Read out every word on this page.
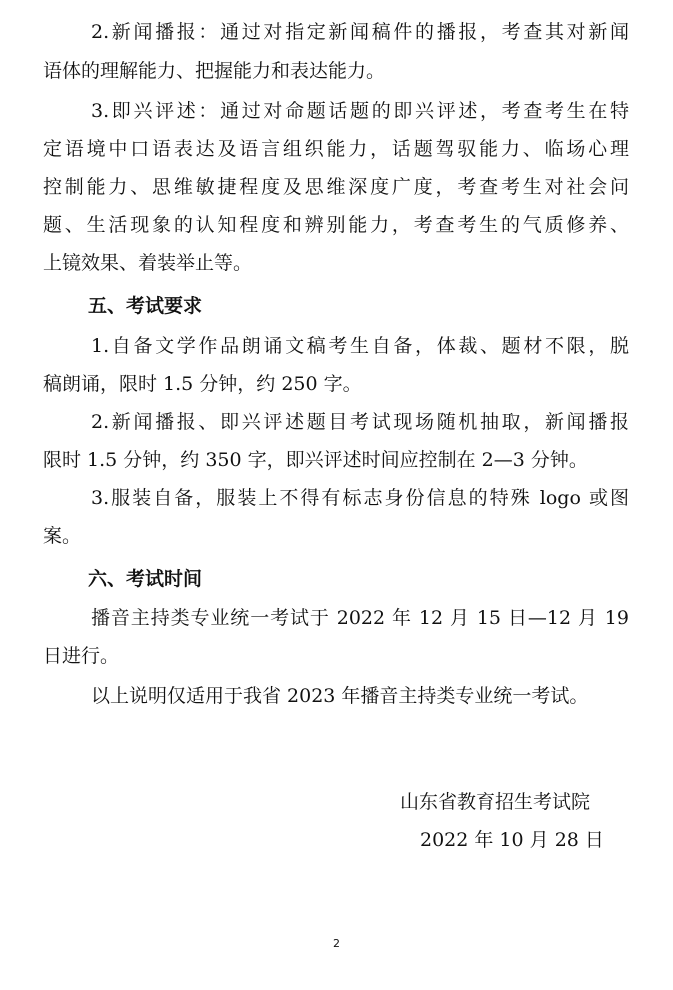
2.新闻播报：通过对指定新闻稿件的播报，考查其对新闻

语体的理解能力、把握能力和表达能力。

3.即兴评述：通过对命题话题的即兴评述，考查考生在特

定语境中口语表达及语言组织能力，话题驾驭能力、临场心理

控制能力、思维敏捷程度及思维深度广度，考查考生对社会问

题、生活现象的认知程度和辨别能力，考查考生的气质修养、

上镜效果、着装举止等。

五、考试要求

1.自备文学作品朗诵文稿考生自备，体裁、题材不限，脱

稿朗诵，限时 1.5 分钟，约 250 字。

2.新闻播报、即兴评述题目考试现场随机抽取，新闻播报

限时 1.5 分钟，约 350 字，即兴评述时间应控制在 2—3 分钟。

3.服装自备，服装上不得有标志身份信息的特殊 logo 或图

案。

六、考试时间

播音主持类专业统一考试于 2022 年 12 月 15 日—12 月 19

日进行。

以上说明仅适用于我省 2023 年播音主持类专业统一考试。

山东省教育招生考试院

2022 年 10 月 28 日

2
